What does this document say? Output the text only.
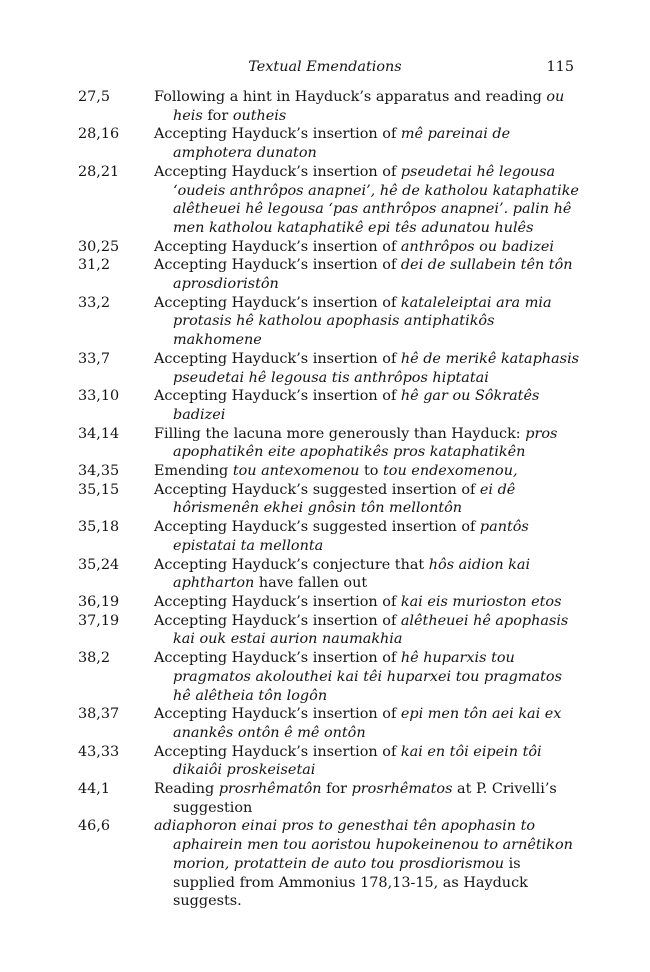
Textual Emendations	115
27,5	Following a hint in Hayduck’s apparatus and reading ou heis for outheis
28,16 Accepting Hayduck’s insertion of mê pareinai de amphotera dunaton
28,21 Accepting Hayduck’s insertion of pseudetai hê legousa ‘oudeis anthrôpos anapnei’, hê de katholou kataphatike alêtheuei hê legousa ‘pas anthrôpos anapnei’. palin hê men katholou kataphatikê epi tês adunatou hulês
30,25 Accepting Hayduck’s insertion of anthrôpos ou badizei
31,2	Accepting Hayduck’s insertion of dei de sullabein tên tôn aprosdioristôn
33,2	Accepting Hayduck’s insertion of kataleleiptai ara mia protasis hê katholou apophasis antiphatikôs makhomene
33,7	Accepting Hayduck’s insertion of hê de merikê kataphasis pseudetai hê legousa tis anthrôpos hiptatai
33,10 Accepting Hayduck’s insertion of hê gar ou Sôkratês badizei
34,14 Filling the lacuna more generously than Hayduck: pros apophatikên eite apophatikês pros kataphatikên
34,35 Emending tou antexomenou to tou endexomenou,
35,15 Accepting Hayduck’s suggested insertion of ei dê hôrismenên ekhei gnôsin tôn mellontôn
35,18 Accepting Hayduck’s suggested insertion of pantôs epistatai ta mellonta
35,24 Accepting Hayduck’s conjecture that hôs aidion kai aphtharton have fallen out
36,19 Accepting Hayduck’s insertion of kai eis murioston etos
37,19 Accepting Hayduck’s insertion of alêtheuei hê apophasis kai ouk estai aurion naumakhia
38,2	Accepting Hayduck’s insertion of hê huparxis tou pragmatos akolouthei kai têi huparxei tou pragmatos hê alêtheia tôn logôn
38,37 Accepting Hayduck’s insertion of epi men tôn aei kai ex anankês ontôn ê mê ontôn
43,33 Accepting Hayduck’s insertion of kai en tôi eipein tôi dikaiôi proskeisetai
44,1	Reading prosrhêmatôn for prosrhêmatos at P. Crivelli’s suggestion
46,6	adiaphoron einai pros to genesthai tên apophasin to aphairein men tou aoristou hupokeinenou to arnêtikon morion, protattein de auto tou prosdiorismou is supplied from Ammonius 178,13-15, as Hayduck suggests.
